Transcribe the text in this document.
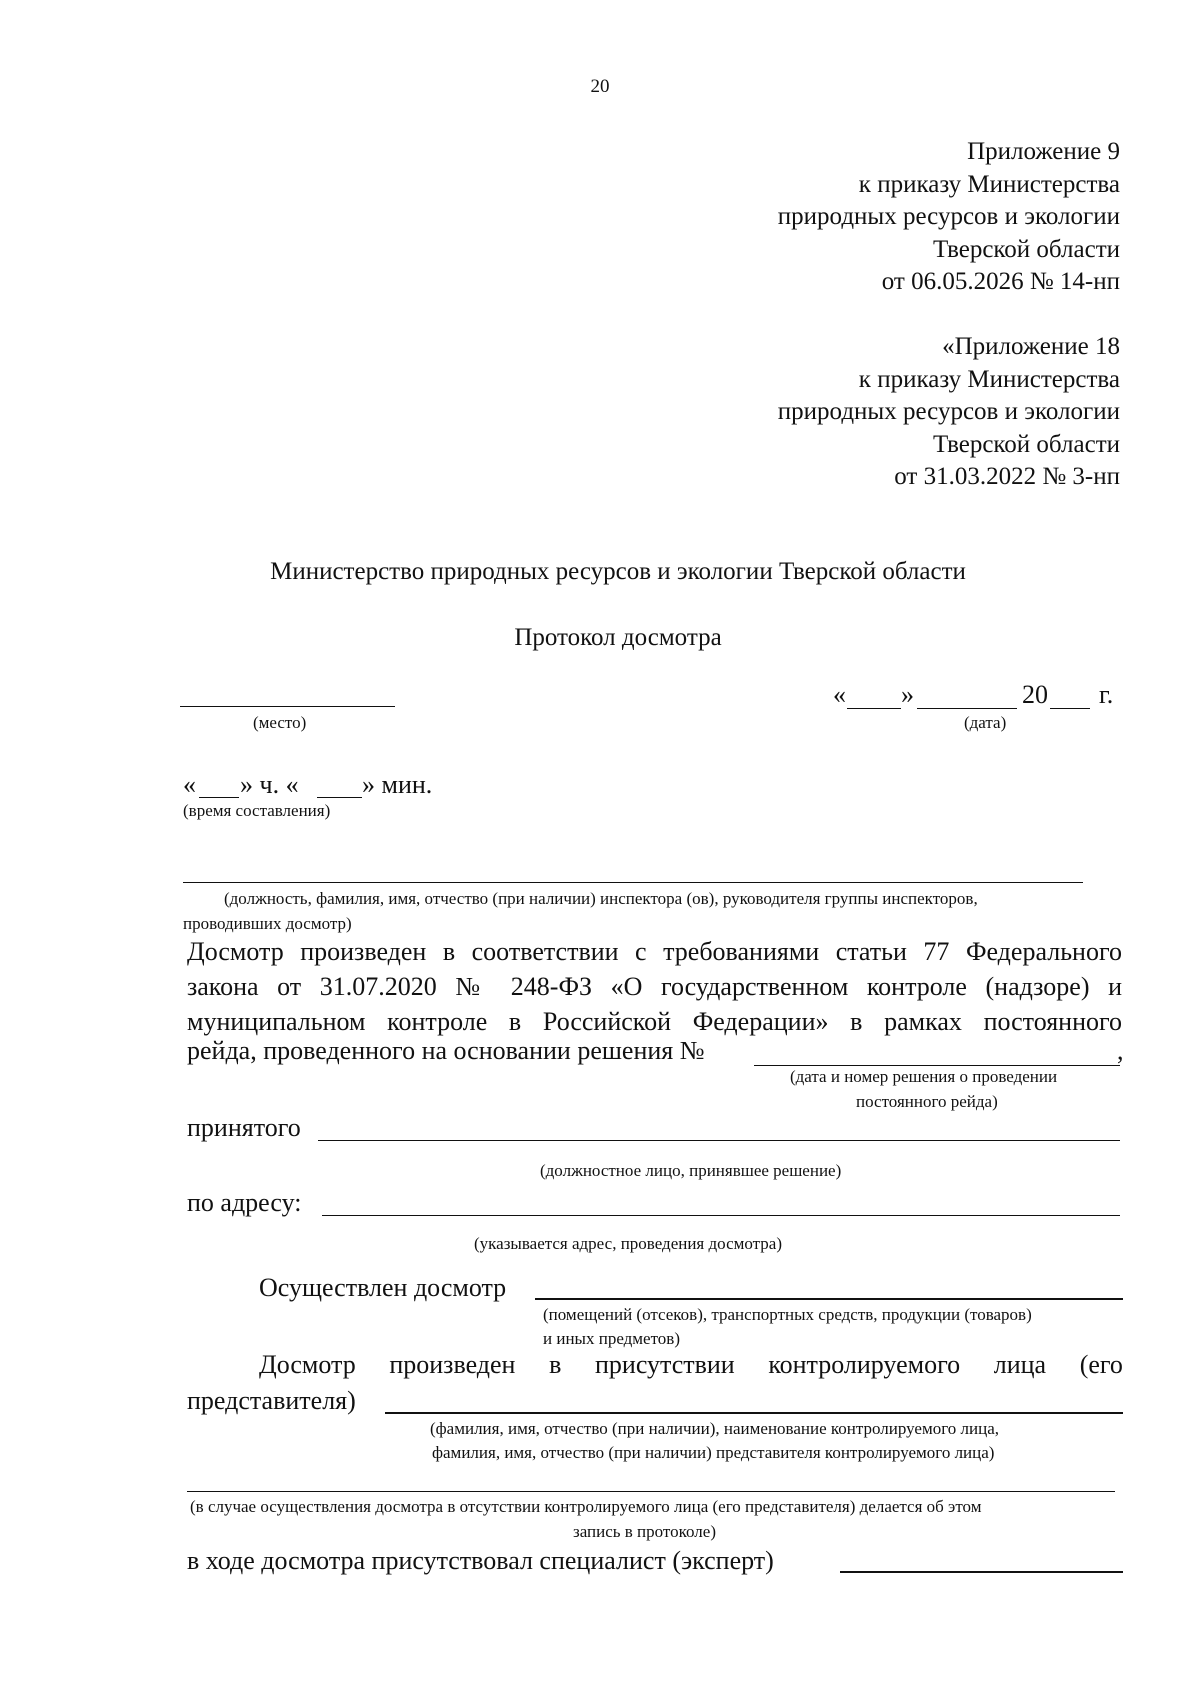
20
Приложение 9
к приказу Министерства
природных ресурсов и экологии
Тверской области
от 06.05.2026 № 14-нп
«Приложение 18
к приказу Министерства
природных ресурсов и экологии
Тверской области
от 31.03.2022 № 3-нп
Министерство природных ресурсов и экологии Тверской области
Протокол досмотра
(место)
« »	20 г.
(дата)
« » ч. « » мин.
(время составления)
(должность, фамилия, имя, отчество (при наличии) инспектора (ов), руководителя группы инспекторов,
проводивших досмотр)
Досмотр произведен в соответствии с требованиями статьи 77 Федерального
закона от 31.07.2020 № 248-ФЗ «О государственном контроле (надзоре) и
муниципальном контроле в Российской Федерации» в рамках постоянного
рейда, проведенного на основании решения №	,
(дата и номер решения о проведении
постоянного рейда)
принятого
(должностное лицо, принявшее решение)
по адресу:
(указывается адрес, проведения досмотра)
Осуществлен досмотр
(помещений (отсеков), транспортных средств, продукции (товаров)
и иных предметов)
Досмотр произведен в присутствии контролируемого лица (его
представителя)
(фамилия, имя, отчество (при наличии), наименование контролируемого лица,
фамилия, имя, отчество (при наличии) представителя контролируемого лица)
(в случае осуществления досмотра в отсутствии контролируемого лица (его представителя) делается об этом
запись в протоколе)
в ходе досмотра присутствовал специалист (эксперт)
